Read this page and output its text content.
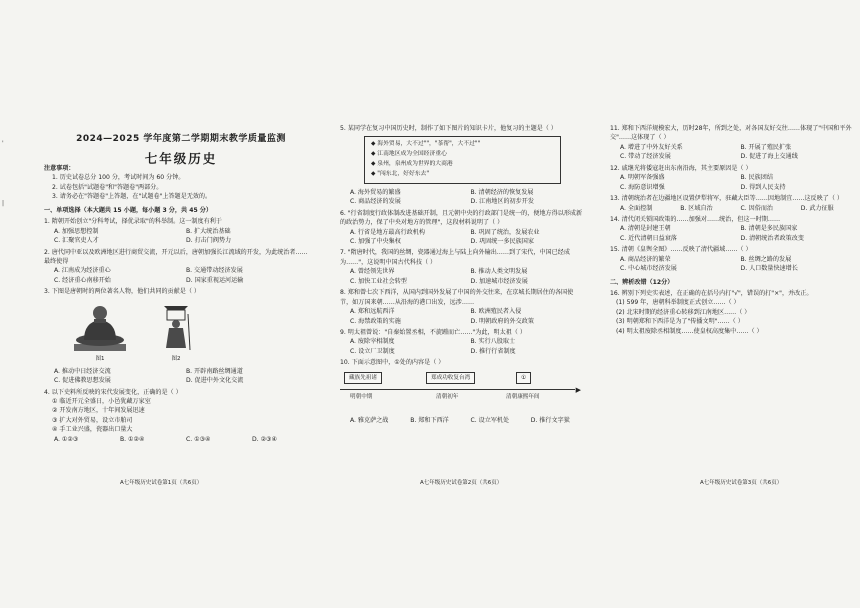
'
|
2024—2025 学年度第二学期期末教学质量监测
七年级历史
注意事项：

1. 历史试卷总分 100 分，考试时间为 60 分钟。

2. 试卷包括"试题卷"和"答题卷"两部分。

3. 请务必在"答题卷"上答题，在"试题卷"上答题是无效的。

一、单项选择（本大题共 15 小题，每小题 3 分，共 45 分）
1. 隋朝开始创立"分科考试，择优录取"的科举制。这一制度有利于
A. 加强思想控制	B. 扩大统治基础
C. 汇聚官吏人才	D. 打击门阀势力
2. 唐代同中亚以及欧洲地区进行商贸交流，开元以后，唐朝加强长江流域的开发，为此统治者……最终使得
A. 江南成为经济重心	B. 交通带动经济发展
C. 经济重心南移开始	D. 国家重视运河运输
3. 下图是唐朝时的两位著名人物，他们共同的贡献是（ ）
图1	图2
A. 推动中日经济交流	B. 开辟南路丝绸通道
C. 促进佛教思想发展	D. 促进中外文化交流
4. 以下史料所反映的宋代发展变化，正确的是（ ）
① 临近开元全盛日，小邑犹藏万家室
② 开发南方地区，十年间发展迅速
③ 扩大对外贸易，设立市舶司
④ 手工业兴盛，瓷器出口量大
A. ①②③	B. ①②④	C. ①③④	D. ②③④
A七年级历史试卷第1页（共6页）
5. 某同学在复习中国历史时，制作了如下图片的知识卡片，他复习的主题是（ ）
◆ 海外贸易，大不过""，"茶帮"，大不过""
◆ 江南地区成为全国经济重心
◆ 泉州，泉州成为世界的大商港
◆ "闯东北，好好东去"
A. 海外贸易的繁盛	B. 清朝经济的恢复发展
C. 商品经济的发展	D. 江南地区的初步开发
6. "行省制度行政体制改进基础开制，且元朝中央的行政部门是统一的，便地方得以形成新的政治势力，保了中央对地方的管理"，这段材料说明了（ ）
A. 行省是地方最高行政机构	B. 巩固了统治，发展农业
C. 加强了中央集权	D. 巩固统一多民族国家
7. "隋唐时代，我国的丝绸，瓷器通过海上与陆上向外输出……到了宋代，中国已经成为……"，这说明中国古代科技（ ）
A. 曾经领先世界	B. 推动人类文明发展
C. 加快工业社会转型	D. 加速城市经济发展
8. 郑和曾七次下西洋，从国内到国外发展了中国的外交往来，在京城长期居住的各国使节，如万国来朝……从沿海的港口出发，远涉……
A. 郑和远航西洋	B. 欧洲殖民者入侵
C. 海禁政策的实施	D. 明朝政府的外交政策
9. 明太祖曾说："自秦始置丞相，不旋踵而亡……"为此，明太祖（ ）
A. 废除宰相制度	B. 实行八股取士
C. 设立厂卫制度	D. 推行行省制度
10. 下面示意图中，①处的内容是（ ）
藏族先祖诸	郑成功收复台湾	①
▶
明朝中期	清朝初年	清朝康熙年间
A. 雅克萨之战	B. 郑和下西洋	C. 设立军机处	D. 推行文字狱
A七年级历史试卷第2页（共6页）
11. 郑和下西洋规模宏大，历时28年，所到之处，对各国友好交往……体现了"中国和平外交"……这体现了（ ）
A. 增进了中外友好关系	B. 开展了殖民扩张
C. 带动了经济发展	D. 促进了海上交通线
12. 戚继光将倭寇赶出东南沿海，其主要原因是（ ）
A. 明朝军备强盛	B. 民族团结
C. 海防意识增强	D. 得到人民支持
13. 清朝统治者在边疆地区设置伊犁将军，驻藏大臣等……因地制宜……这反映了（ ）
A. 全面控制	B. 区域自治	C. 因俗而治	D. 武力征服
14. 清代闭关锁国政策的……加强对……统治，但这一时期……
A. 清朝是封建王朝	B. 清朝是多民族国家
C. 近代清朝日益衰落	D. 清朝统治者政策改变
15. 清朝《皇舆全图》……反映了清代疆域……（ ）
A. 商品经济的繁荣	B. 丝绸之路的发展
C. 中心城市经济发展	D. 人口数量快速增长
二、辨析改错（12分）
16. 辨别下列史实表述，在正确的在括号内打"√"，错误的打"×"，并改正。

(1) 599 年，唐朝科举制度正式创立……（ ）

(2) 北宋时期的经济重心转移到江南地区……（ ）

(3) 明朝郑和下西洋是为了"传播文明"……（ ）

(4) 明太祖废除丞相制度……使皇权高度集中……（ ）

A七年级历史试卷第3页（共6页）
